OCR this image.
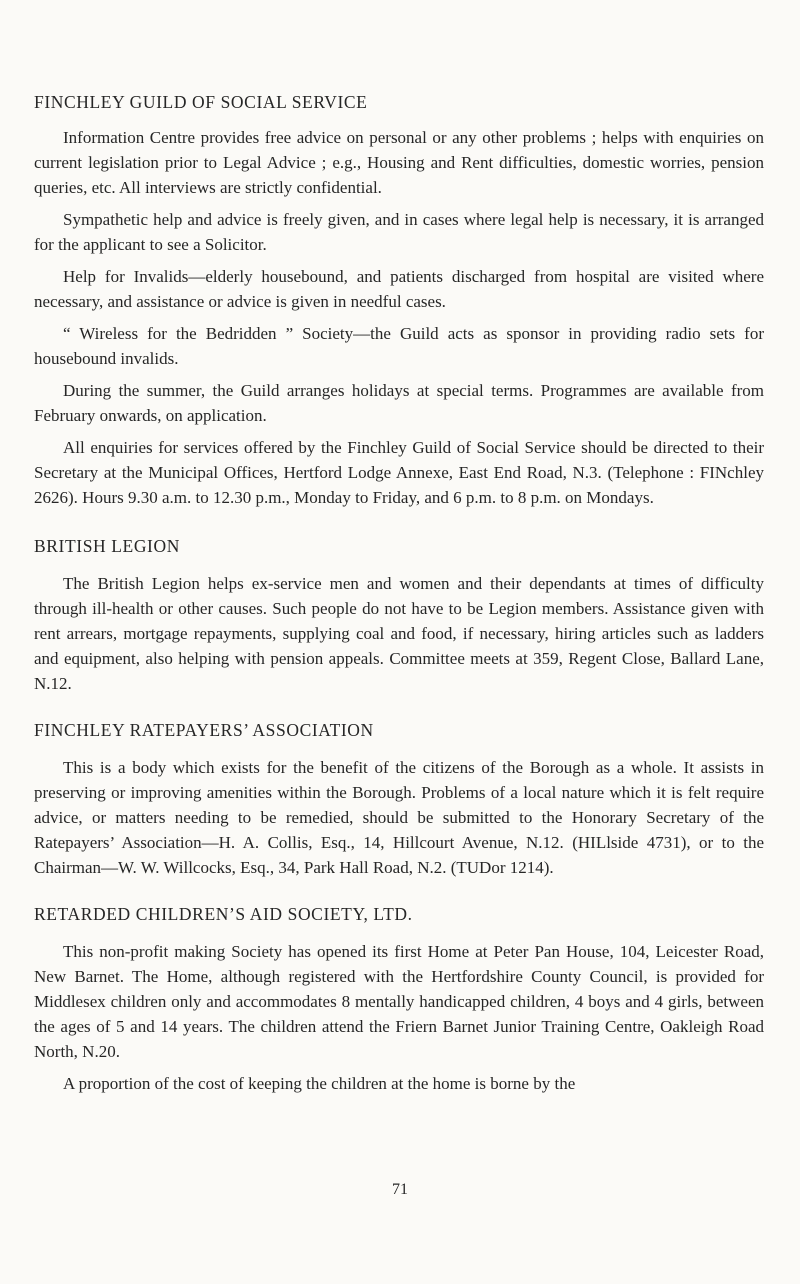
FINCHLEY GUILD OF SOCIAL SERVICE

Information Centre provides free advice on personal or any other problems ; helps with enquiries on current legislation prior to Legal Advice ; e.g., Housing and Rent difficulties, domestic worries, pension queries, etc. All interviews are strictly confidential.

Sympathetic help and advice is freely given, and in cases where legal help is necessary, it is arranged for the applicant to see a Solicitor.

Help for Invalids—elderly housebound, and patients discharged from hospital are visited where necessary, and assistance or advice is given in needful cases.

“ Wireless for the Bedridden ” Society—the Guild acts as sponsor in providing radio sets for housebound invalids.

During the summer, the Guild arranges holidays at special terms. Programmes are available from February onwards, on application.

All enquiries for services offered by the Finchley Guild of Social Service should be directed to their Secretary at the Municipal Offices, Hertford Lodge Annexe, East End Road, N.3. (Telephone : FINchley 2626). Hours 9.30 a.m. to 12.30 p.m., Monday to Friday, and 6 p.m. to 8 p.m. on Mondays.

BRITISH LEGION

The British Legion helps ex-service men and women and their dependants at times of difficulty through ill-health or other causes. Such people do not have to be Legion members. Assistance given with rent arrears, mortgage repayments, supplying coal and food, if necessary, hiring articles such as ladders and equipment, also helping with pension appeals. Committee meets at 359, Regent Close, Ballard Lane, N.12.

FINCHLEY RATEPAYERS’ ASSOCIATION

This is a body which exists for the benefit of the citizens of the Borough as a whole. It assists in preserving or improving amenities within the Borough. Problems of a local nature which it is felt require advice, or matters needing to be remedied, should be submitted to the Honorary Secretary of the Ratepayers’ Association—H. A. Collis, Esq., 14, Hillcourt Avenue, N.12. (HILlside 4731), or to the Chairman—W. W. Willcocks, Esq., 34, Park Hall Road, N.2. (TUDor 1214).

RETARDED CHILDREN’S AID SOCIETY, LTD.

This non-profit making Society has opened its first Home at Peter Pan House, 104, Leicester Road, New Barnet. The Home, although registered with the Hertfordshire County Council, is provided for Middlesex children only and accommodates 8 mentally handicapped children, 4 boys and 4 girls, between the ages of 5 and 14 years. The children attend the Friern Barnet Junior Training Centre, Oakleigh Road North, N.20.

A proportion of the cost of keeping the children at the home is borne by the

71
